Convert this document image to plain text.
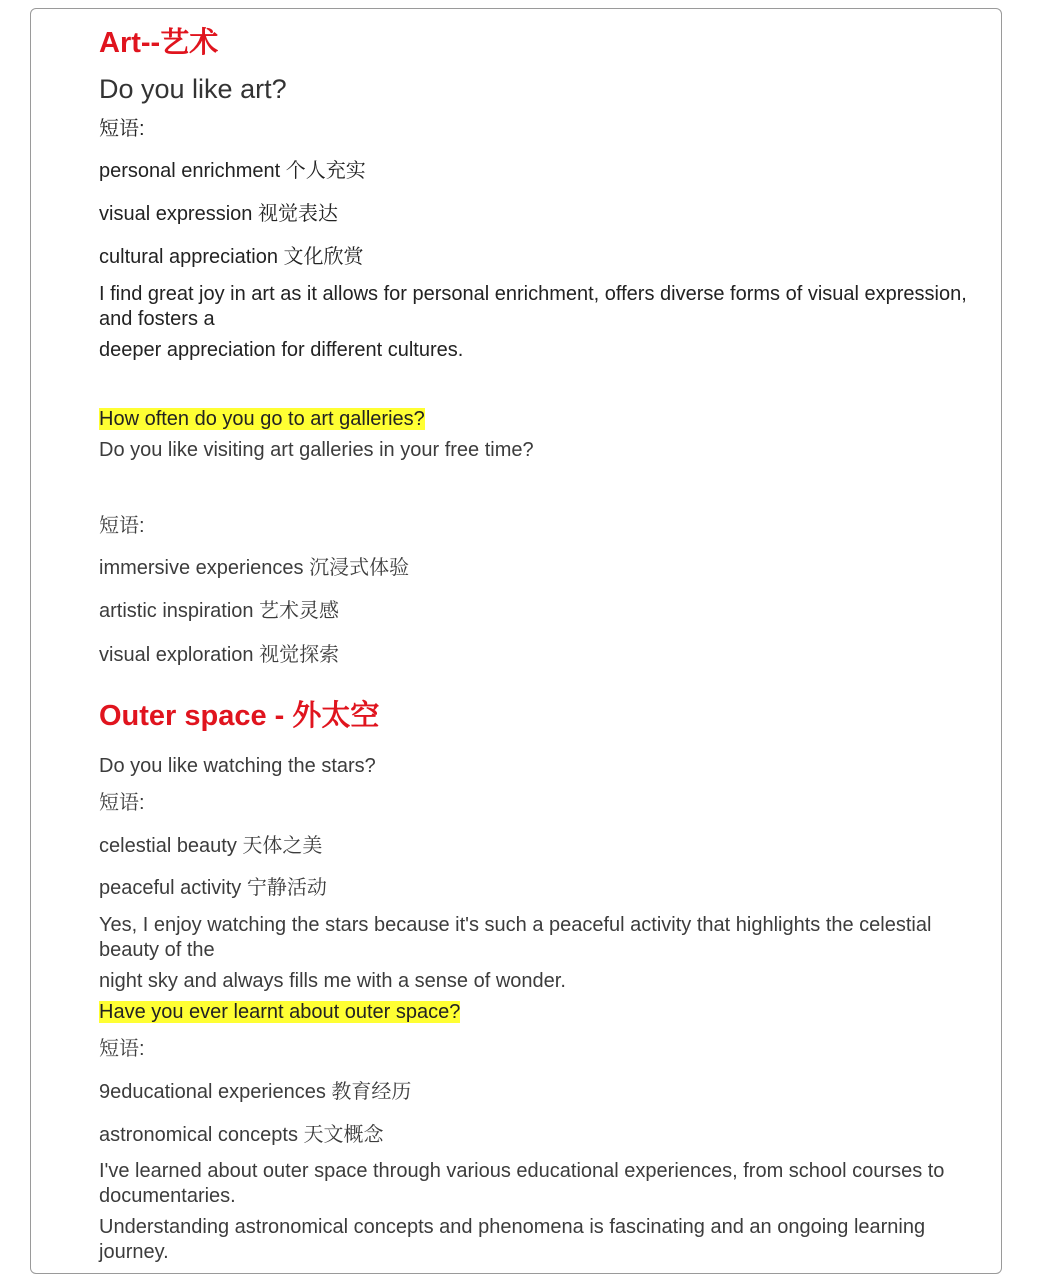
Art--艺术
Do you like art?
短语:
personal enrichment 个人充实
visual expression 视觉表达
cultural appreciation 文化欣赏
I find great joy in art as it allows for personal enrichment, offers diverse forms of visual expression, and fosters a
deeper appreciation for different cultures.
How often do you go to art galleries?
Do you like visiting art galleries in your free time?
短语:
immersive experiences 沉浸式体验
artistic inspiration 艺术灵感
visual exploration 视觉探索
Outer space - 外太空
Do you like watching the stars?
短语:
celestial beauty 天体之美
peaceful activity 宁静活动
Yes, I enjoy watching the stars because it's such a peaceful activity that highlights the celestial beauty of the
night sky and always fills me with a sense of wonder.
Have you ever learnt about outer space?
短语:
9educational experiences 教育经历
astronomical concepts 天文概念
I've learned about outer space through various educational experiences, from school courses to documentaries.
Understanding astronomical concepts and phenomena is fascinating and an ongoing learning journey.
